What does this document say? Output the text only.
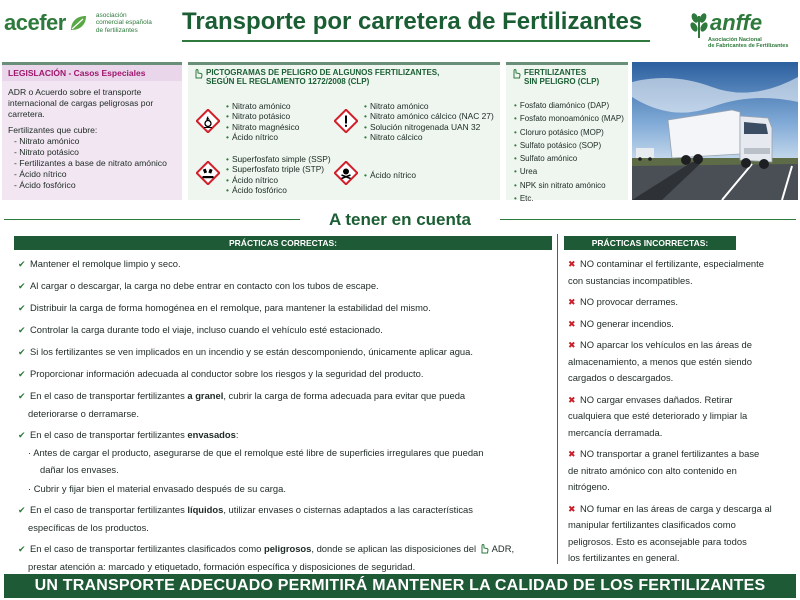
acefer	asociación
comercial española
de fertilizantes	Transporte por carretera de Fertilizantes	anffe
Asociación Nacional
de Fabricantes de Fertilizantes
LEGISLACIÓN - Casos Especiales
ADR o Acuerdo sobre el transporte
internacional de cargas peligrosas por
carretera.
Fertilizantes que cubre:
- Nitrato amónico
- Nitrato potásico
- Fertilizantes a base de nitrato amónico
- Ácido nítrico
- Ácido fosfórico
PICTOGRAMAS DE PELIGRO DE ALGUNOS FERTILIZANTES,
SEGÚN EL REGLAMENTO 1272/2008 (CLP)
• Nitrato amónico
• Nitrato potásico
• Nitrato magnésico
• Ácido nítrico
• Nitrato amónico
• Nitrato amónico cálcico (NAC 27)
• Solución nitrogenada UAN 32
• Nitrato cálcico
• Superfosfato simple (SSP)
• Superfosfato triple (STP)
• Ácido nítrico
• Ácido fosfórico
• Ácido nítrico
FERTILIZANTES
SIN PELIGRO (CLP)
• Fosfato diamónico (DAP)
• Fosfato monoamónico (MAP)
• Cloruro potásico (MOP)
• Sulfato potásico (SOP)
• Sulfato amónico
• Urea
• NPK sin nitrato amónico
• Etc.
A tener en cuenta
PRÁCTICAS CORRECTAS:	PRÁCTICAS INCORRECTAS:
✔ Mantener el remolque limpio y seco.
✔ Al cargar o descargar, la carga no debe entrar en contacto con los tubos de escape.
✔ Distribuir la carga de forma homogénea en el remolque, para mantener la estabilidad del mismo.
✔ Controlar la carga durante todo el viaje, incluso cuando el vehículo esté estacionado.
✔ Si los fertilizantes se ven implicados en un incendio y se están descomponiendo, únicamente aplicar agua.
✔ Proporcionar información adecuada al conductor sobre los riesgos y la seguridad del producto.
✔ En el caso de transportar fertilizantes a granel, cubrir la carga de forma adecuada para evitar que pueda
deteriorarse o derramarse.
✔ En el caso de transportar fertilizantes envasados:
· Antes de cargar el producto, asegurarse de que el remolque esté libre de superficies irregulares que puedan
dañar los envases.
· Cubrir y fijar bien el material envasado después de su carga.
✔ En el caso de transportar fertilizantes líquidos, utilizar envases o cisternas adaptados a las características
específicas de los productos.
✔ En el caso de transportar fertilizantes clasificados como peligrosos, donde se aplican las disposiciones del ADR,
prestar atención a: marcado y etiquetado, formación específica y disposiciones de seguridad.
✖ NO contaminar el fertilizante, especialmente
con sustancias incompatibles.
✖ NO provocar derrames.
✖ NO generar incendios.
✖ NO aparcar los vehículos en las áreas de
almacenamiento, a menos que estén siendo
cargados o descargados.
✖ NO cargar envases dañados. Retirar
cualquiera que esté deteriorado y limpiar la
mercancía derramada.
✖ NO transportar a granel fertilizantes a base
de nitrato amónico con alto contenido en
nitrógeno.
✖ NO fumar en las áreas de carga y descarga al
manipular fertilizantes clasificados como
peligrosos. Esto es aconsejable para todos
los fertilizantes en general.
UN TRANSPORTE ADECUADO PERMITIRÁ MANTENER LA CALIDAD DE LOS FERTILIZANTES
